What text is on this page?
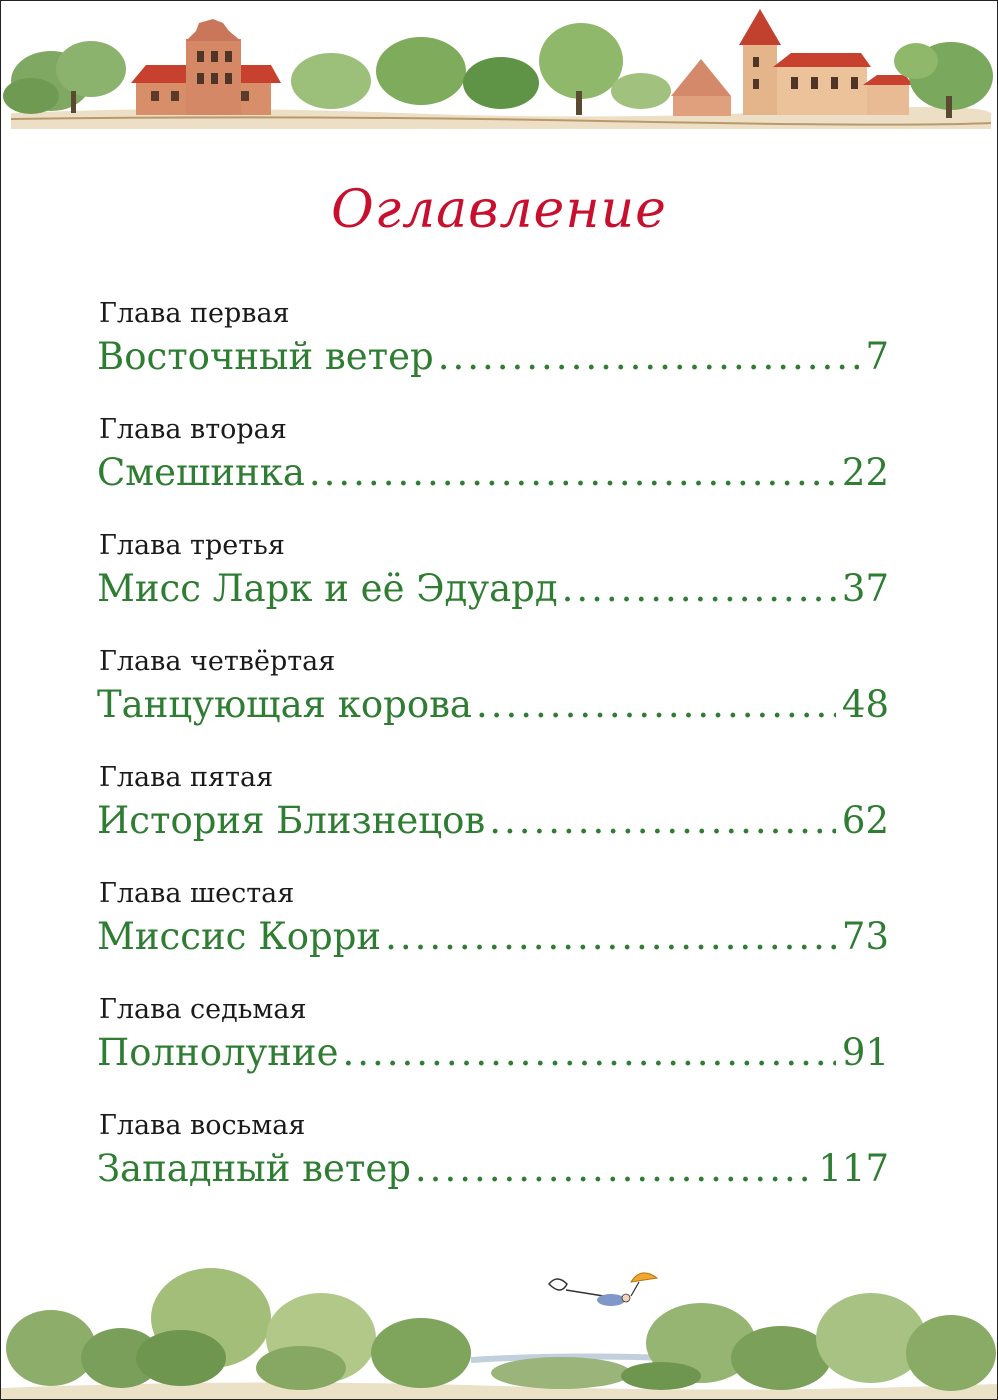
Оглавление
Глава первая
Восточный ветер .....	7
Глава вторая
Смешинка .....	22
Глава третья
Мисс Ларк и её Эдуард .....	37
Глава четвёртая
Танцующая корова .....	48
Глава пятая
История Близнецов .....	62
Глава шестая
Миссис Корри .....	73
Глава седьмая
Полнолуние .....	91
Глава восьмая
Западный ветер .....	117
